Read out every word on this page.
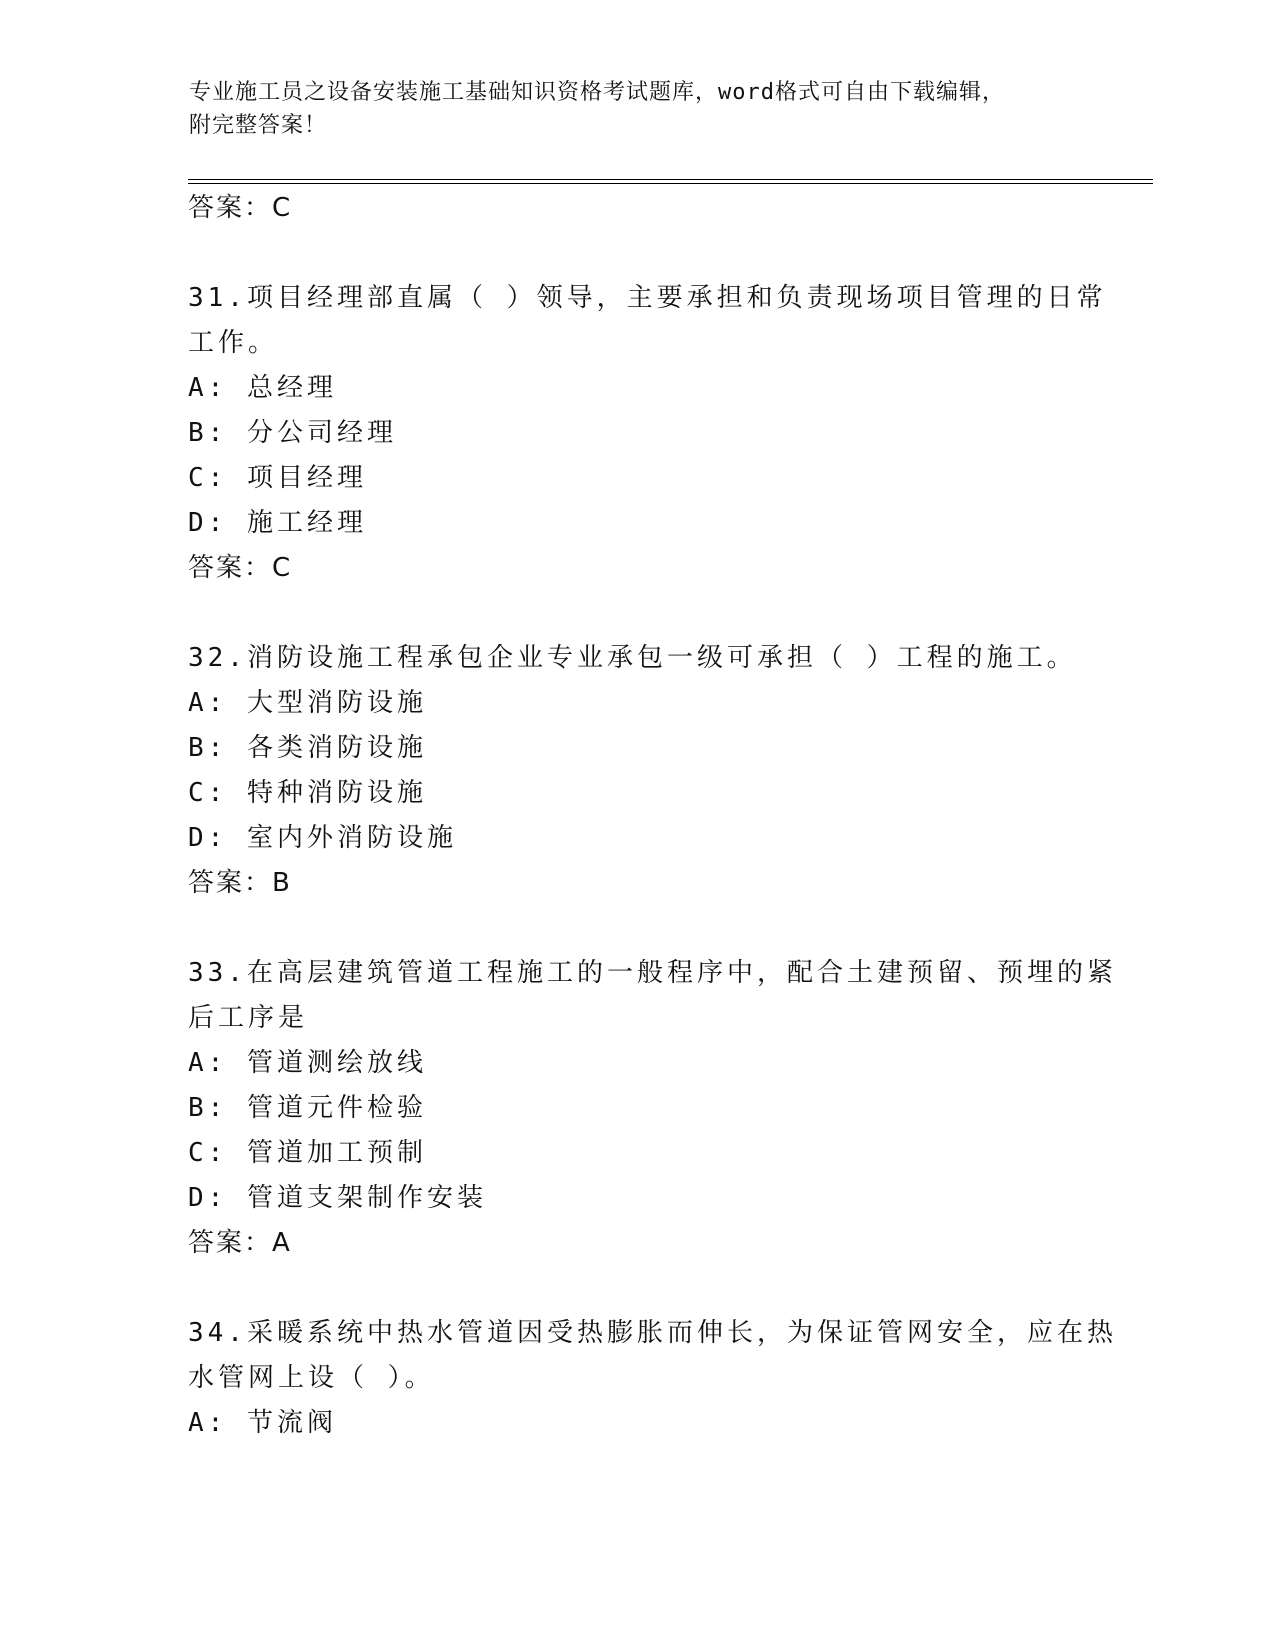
专业施工员之设备安装施工基础知识资格考试题库，word格式可自由下载编辑，
附完整答案！
答案：C
31.项目经理部直属（ ）领导，主要承担和负责现场项目管理的日常
工作。
A: 总经理
B: 分公司经理
C: 项目经理
D: 施工经理
答案：C
32.消防设施工程承包企业专业承包一级可承担（ ）工程的施工。
A: 大型消防设施
B: 各类消防设施
C: 特种消防设施
D: 室内外消防设施
答案：B
33.在高层建筑管道工程施工的一般程序中，配合土建预留、预埋的紧
后工序是
A: 管道测绘放线
B: 管道元件检验
C: 管道加工预制
D: 管道支架制作安装
答案：A
34.采暖系统中热水管道因受热膨胀而伸长，为保证管网安全，应在热
水管网上设（ ）。
A: 节流阀
